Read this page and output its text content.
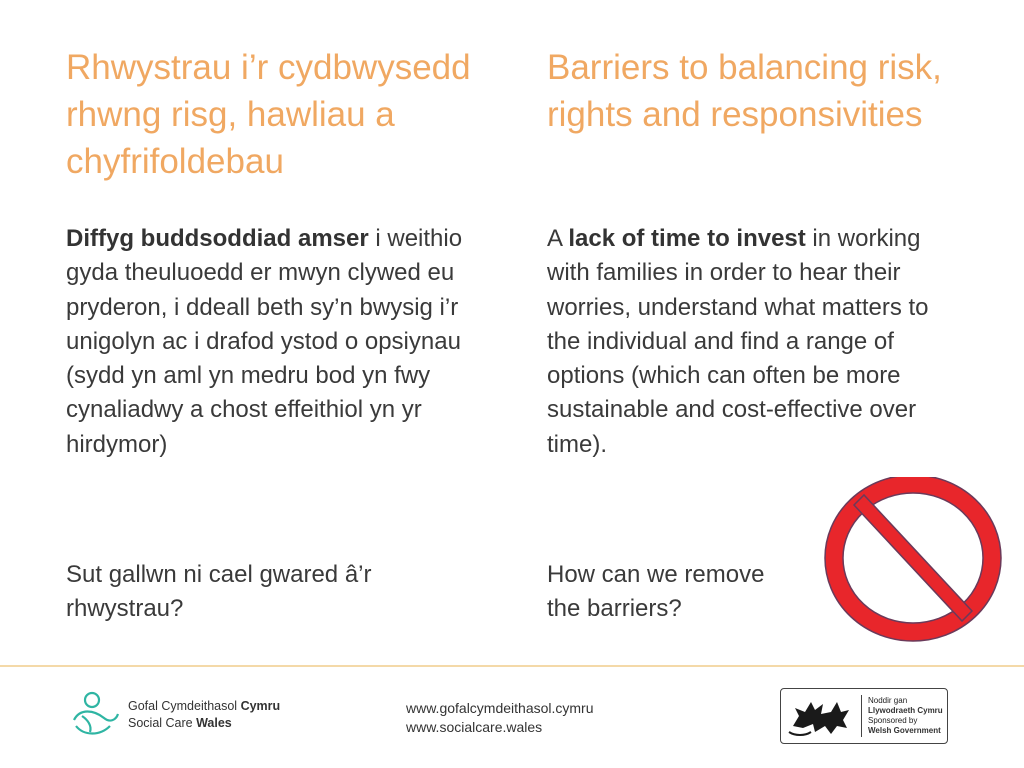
Rhwystrau i’r cydbwysedd rhwng risg, hawliau a chyfrifoldebau
Barriers to balancing risk, rights and responsivities

Diffyg buddsoddiad amser i weithio gyda theuluoedd er mwyn clywed eu pryderon, i ddeall beth sy’n bwysig i’r unigolyn ac i drafod ystod o opsiynau (sydd yn aml yn medru bod yn fwy cynaliadwy a chost effeithiol yn yr hirdymor)

A lack of time to invest in working with families in order to hear their worries, understand what matters to the individual and find a range of options (which can often be more sustainable and cost-effective over time).

Sut gallwn ni cael gwared â’r rhwystrau?

How can we remove
the barriers?

Gofal Cymdeithasol Cymru
Social Care Wales
www.gofalcymdeithasol.cymru
www.socialcare.wales
Noddir gan
Llywodraeth Cymru
Sponsored by
Welsh Government
